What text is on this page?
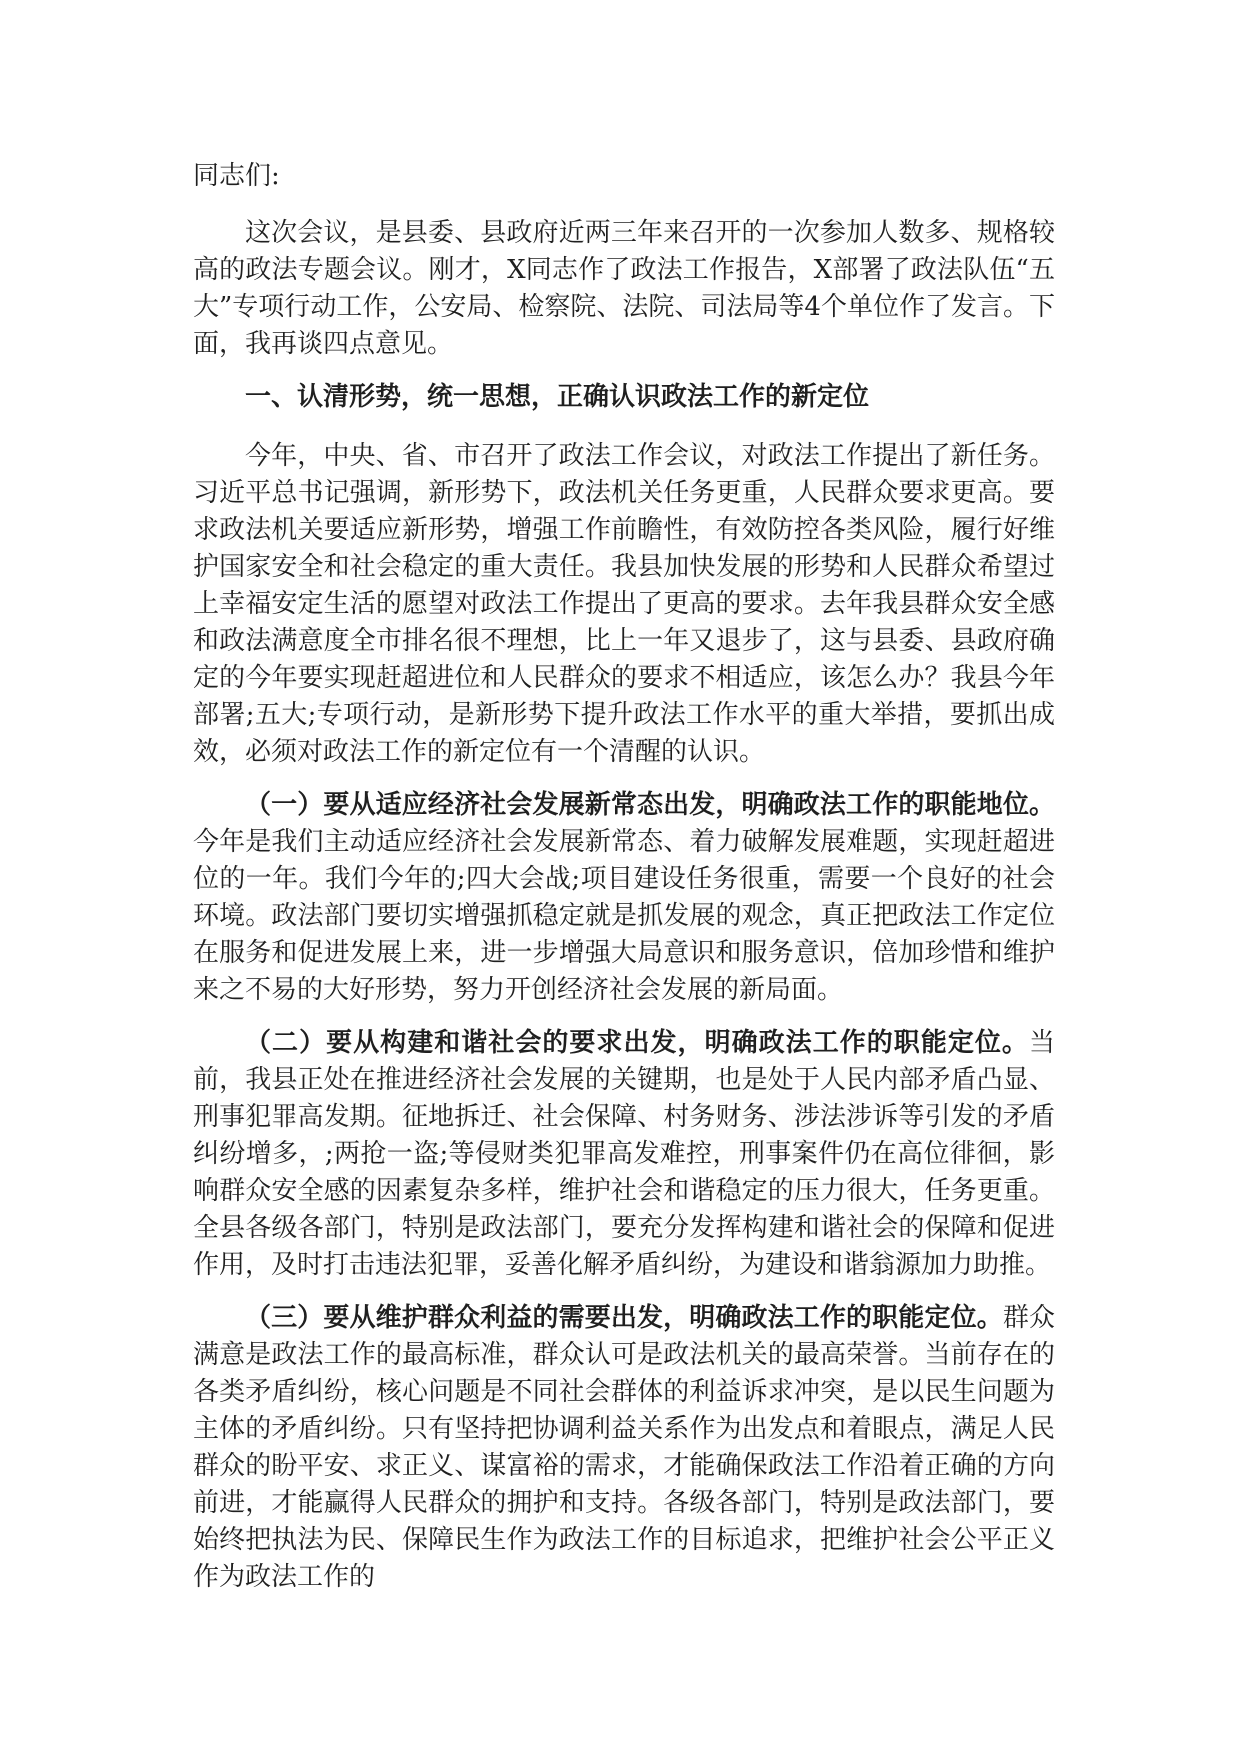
同志们:

这次会议，是县委、县政府近两三年来召开的一次参加人数多、规格较高的政法专题会议。刚才，X同志作了政法工作报告，X部署了政法队伍“五大”专项行动工作，公安局、检察院、法院、司法局等4个单位作了发言。下面，我再谈四点意见。

一、认清形势，统一思想，正确认识政法工作的新定位

今年，中央、省、市召开了政法工作会议，对政法工作提出了新任务。习近平总书记强调，新形势下，政法机关任务更重，人民群众要求更高。要求政法机关要适应新形势，增强工作前瞻性，有效防控各类风险，履行好维护国家安全和社会稳定的重大责任。我县加快发展的形势和人民群众希望过上幸福安定生活的愿望对政法工作提出了更高的要求。去年我县群众安全感和政法满意度全市排名很不理想，比上一年又退步了，这与县委、县政府确定的今年要实现赶超进位和人民群众的要求不相适应，该怎么办？我县今年部署;五大;专项行动，是新形势下提升政法工作水平的重大举措，要抓出成效，必须对政法工作的新定位有一个清醒的认识。

（一）要从适应经济社会发展新常态出发，明确政法工作的职能地位。今年是我们主动适应经济社会发展新常态、着力破解发展难题，实现赶超进位的一年。我们今年的;四大会战;项目建设任务很重，需要一个良好的社会环境。政法部门要切实增强抓稳定就是抓发展的观念，真正把政法工作定位在服务和促进发展上来，进一步增强大局意识和服务意识，倍加珍惜和维护来之不易的大好形势，努力开创经济社会发展的新局面。

（二）要从构建和谐社会的要求出发，明确政法工作的职能定位。当前，我县正处在推进经济社会发展的关键期，也是处于人民内部矛盾凸显、刑事犯罪高发期。征地拆迁、社会保障、村务财务、涉法涉诉等引发的矛盾纠纷增多，;两抢一盗;等侵财类犯罪高发难控，刑事案件仍在高位徘徊，影响群众安全感的因素复杂多样，维护社会和谐稳定的压力很大，任务更重。全县各级各部门，特别是政法部门，要充分发挥构建和谐社会的保障和促进作用，及时打击违法犯罪，妥善化解矛盾纠纷，为建设和谐翁源加力助推。

（三）要从维护群众利益的需要出发，明确政法工作的职能定位。群众满意是政法工作的最高标准，群众认可是政法机关的最高荣誉。当前存在的各类矛盾纠纷，核心问题是不同社会群体的利益诉求冲突，是以民生问题为主体的矛盾纠纷。只有坚持把协调利益关系作为出发点和着眼点，满足人民群众的盼平安、求正义、谋富裕的需求，才能确保政法工作沿着正确的方向前进，才能赢得人民群众的拥护和支持。各级各部门，特别是政法部门，要始终把执法为民、保障民生作为政法工作的目标追求，把维护社会公平正义作为政法工作的
